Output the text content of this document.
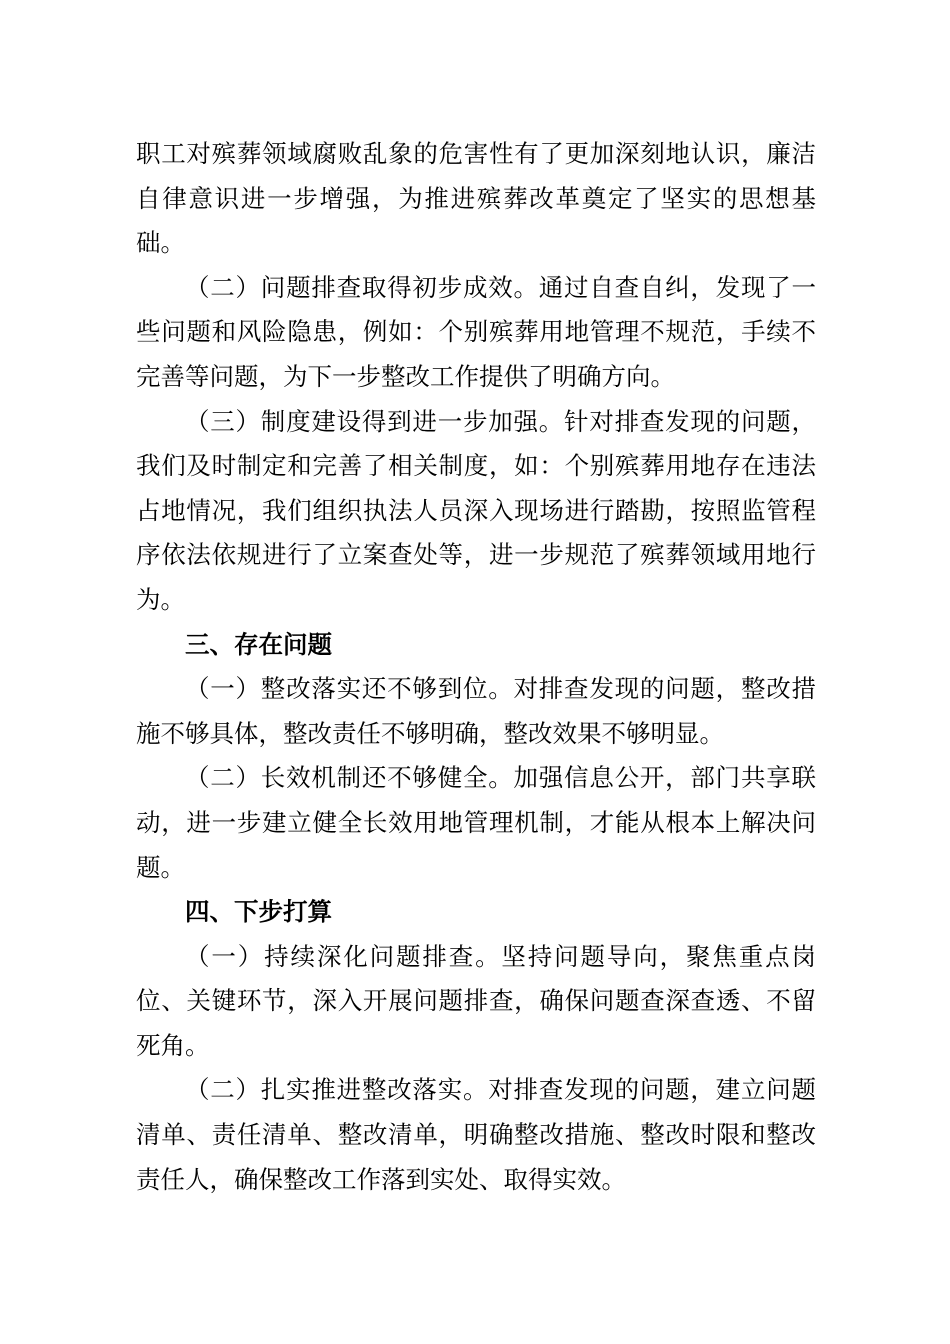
职工对殡葬领域腐败乱象的危害性有了更加深刻地认识，廉洁自律意识进一步增强，为推进殡葬改革奠定了坚实的思想基础。

（二）问题排查取得初步成效。通过自查自纠，发现了一些问题和风险隐患，例如：个别殡葬用地管理不规范，手续不完善等问题，为下一步整改工作提供了明确方向。

（三）制度建设得到进一步加强。针对排查发现的问题，我们及时制定和完善了相关制度，如：个别殡葬用地存在违法占地情况，我们组织执法人员深入现场进行踏勘，按照监管程序依法依规进行了立案查处等，进一步规范了殡葬领域用地行为。

三、存在问题

（一）整改落实还不够到位。对排查发现的问题，整改措施不够具体，整改责任不够明确，整改效果不够明显。

（二）长效机制还不够健全。加强信息公开，部门共享联动，进一步建立健全长效用地管理机制，才能从根本上解决问题。

四、下步打算

（一）持续深化问题排查。坚持问题导向，聚焦重点岗位、关键环节，深入开展问题排查，确保问题查深查透、不留死角。

（二）扎实推进整改落实。对排查发现的问题，建立问题清单、责任清单、整改清单，明确整改措施、整改时限和整改责任人，确保整改工作落到实处、取得实效。
